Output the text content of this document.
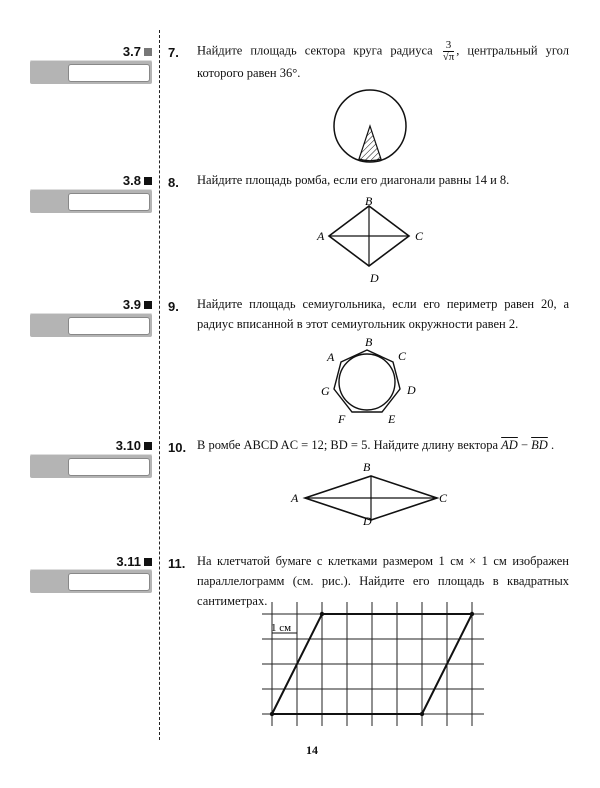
3.7
3.8
3.9
3.10
3.11
7. Найдите площадь сектора круга радиуса $\frac{3}{√\pi}$ , центральный угол которого равен 36°.
8. Найдите площадь ромба, если его диагонали равны 14 и 8.
B
A	C
D
9. Найдите площадь семиугольника, если его периметр равен 20, а радиус вписанной в этот семиугольник окружности равен 2.
B
C
D
E
F
G
A
10. В ромбе ABCD AC = 12; BD = 5. Найдите длину вектора $\overline{AD} - \overline{BD}$ .
B
A	C
D
11. На клетчатой бумаге с клетками размером 1 см × 1 см изображен параллелограмм (см. рис.). Найдите его площадь в квадратных сантиметрах.
1 см
14
